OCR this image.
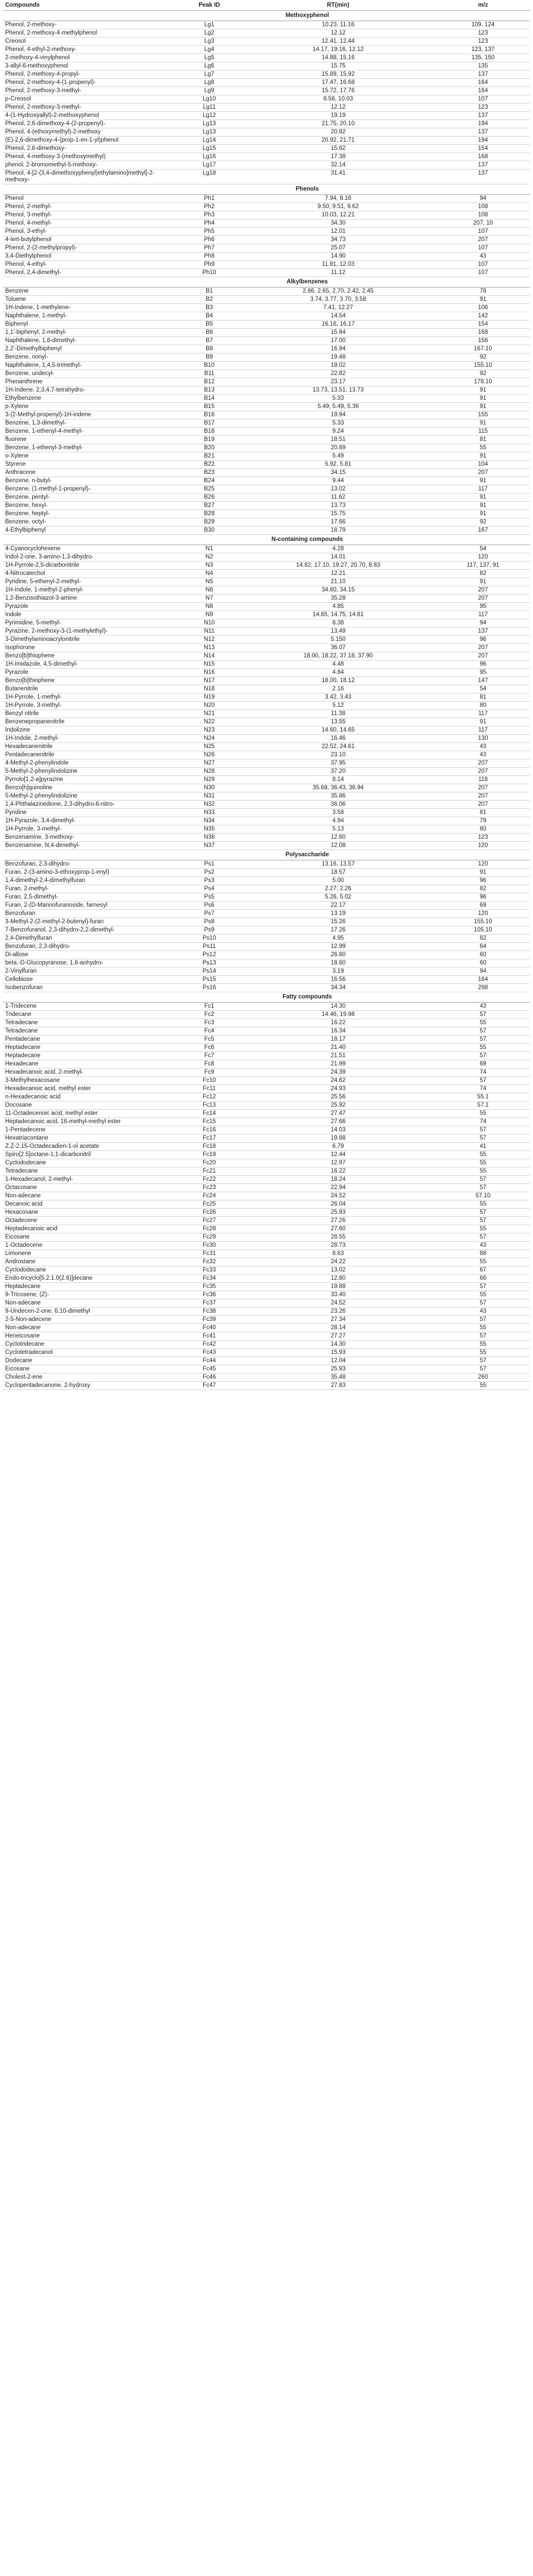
Compounds	Peak ID	RT(min)	m/z
	Methoxyphenol		
Phenol, 2-methoxy-	Lg1	10.23, 11.16	109, 124
Phenol, 2-methoxy-4-methylphenol	Lg2	12.12	123
Creosol	Lg3	12.41, 12.44	123
Phenol, 4-ethyl-2-methoxy-	Lg4	14.17, 19.16, 12.12	123, 137
2-methoxy-4-vinylphenol	Lg5	14.88, 15.16	135, 150
3-allyl-6-methoxyphenol	Lg6	15.75	135
Phenol, 2-methoxy-4-propyl-	Lg7	15.89, 15.92	137
Phenol, 2-methoxy-4-(1-propenyl)-	Lg8	17.47, 16.68	164
Phenol, 2-methoxy-3-methyl-	Lg9	15.72, 17.76	164
p-Creosol	Lg10	8.56, 10.03	107
Phenol, 2-methoxy-3-methyl-	Lg11	12.12	123
4-(1-Hydroxyallyl)-2-methoxyphenol	Lg12	19.19	137
Phenol, 2,6-dimethoxy-4-(2-propenyl)-	Lg13	21.75, 20.10	194
Phenol, 4-(ethoxymethyl)-2-methoxy	Lg13	20.92	137
(E)-2,6-dimethoxy-4-(prop-1-en-1-yl)phenol	Lg14	20.92, 21.71	194
Phenol, 2,6-dimethoxy-	Lg15	15.62	154
Phenol, 4-methoxy-3-(methoxymethyl)	Lg16	17.38	168
phenol, 2-bromomethyl-5-methoxy-	Lg17	32.14	137
Phenol, 4-[2-(3,4-dimethoxyphenyl)ethylamino]methyl]-2-methoxy-	Lg18	31.41	137
	Phenols		
Phenol	Ph1	7.94, 8.16	94
Phenol, 2-methyl-	Ph2	9.50, 9.51, 9.62	108
Phenol, 3-methyl-	Ph3	10.03, 12.21	108
Phenol, 4-methyl-	Ph4	34.30	207, 10
Phenol, 3-ethyl-	Ph5	12.01	107
4-tert-butylphenol	Ph6	34.73	207
Phenol, 2-(2-methylpropyl)-	Ph7	25.07	107
3,4-Diethylphenol	Ph8	14.90	43
Phenol, 4-ethyl-	Ph9	11.91, 12.03	107
Phenol, 2,4-dimethyl-	Ph10	11.12	107
	Alkylbenzenes		
Benzene	B1	2.86, 2.65, 2.70, 2.42, 2.45	78
Toluene	B2	3.74, 3.77, 3.70, 3.58	91
1H-Indene, 1-methylene-	B3	7.41, 12.27	106
Naphthalene, 1-methyl-	B4	14.54	142
Biphenyl	B5	16.16, 16.17	154
1,1'-biphenyl, 2-methyl-	B6	15.84	168
Naphthalene, 1,6-dimethyl-	B7	17.00	156
2,2'-Dimethylbiphenyl	B8	16.94	167.10
Benzene, nonyl-	B9	19.48	92
Naphthalene, 1,4,5-trimethyl-	B10	19.02	155.10
Benzene, undecyl-	B11	22.82	92
Phenanthrene	B12	23.17	178.10
1H-Indene, 2,3,4,7-tetrahydro-	B13	13.73, 13.51, 13.73	91
Ethylbenzene	B14	5.33	91
p-Xylene	B15	5.49, 5.49, 5.36	91
3-(2-Methyl-propenyl)-1H-indene	B16	19.94	155
Benzene, 1,3-dimethyl-	B17	5.33	91
Benzene, 1-ethenyl-4-methyl-	B18	9.24	115
fluorene	B19	18.51	81
Benzene, 1-ethenyl-3-methyl-	B20	20.89	55
o-Xylene	B21	5.49	91
Styrene	B22	5.92, 5.81	104
Anthracene	B23	34.15	207
Benzene, n-butyl-	B24	9.44	91
Benzene, (1-methyl-1-propenyl)-	B25	13.02	117
Benzene, pentyl-	B26	11.62	91
Benzene, hexyl-	B27	13.73	91
Benzene, heptyl-	B28	15.75	91
Benzene, octyl-	B29	17.66	92
4-Ethylbiphenyl	B30	18.79	167
	N-containing compounds		
4-Cyanocyclohexene	N1	4.28	54
Indol-2-one, 3-amino-1,3-dihydro-	N2	14.01	120
1H-Pyrrole-2,5-dicarbonitrile	N3	14.82, 17.10, 19.27, 20.70, 8.83	117, 137, 91
4-Nitrocatechol	N4	12.21	82
Pyridine, 5-ethenyl-2-methyl-	N5	21.10	91
1H-Indole, 1-methyl-2-phenyl-	N6	34.60, 34.15	207
1,2-Benzisothiazol-3-amine	N7	35.28	207
Pyrazole	N8	4.85	95
Indole	N9	14.65, 14.75, 14.81	117
Pyrimidine, 5-methyl-	N10	8.38	94
Pyrazine, 2-methoxy-3-(1-methylethyl)-	N11	13.49	137
3-Dimethylaminoacrylonitrile	N12	5.150	96
Isophorone	N13	36.07	207
Benzo[b]thiophene	N14	18.00, 18.22, 37.18, 37.90	207
1H-Imidazole, 4,5-dimethyl-	N15	4.48	96
Pyrazole	N16	4.84	95
Benzo[b]thiophene	N17	18.00, 18.12	147
Butanenitrile	N18	2.16	54
1H-Pyrrole, 1-methyl-	N19	3.42, 3.43	81
1H-Pyrrole, 3-methyl-	N20	5.12	80
Benzyl nitrile	N21	11.38	117
Benzenepropanenitrile	N22	13.55	91
Indolizine	N23	14.60, 14.65	117
1H-Indole, 2-methyl-	N24	16.46	130
Hexadecanenitrile	N25	22.52, 24.61	43
Pentadecanenitrile	N26	23.10	43
4-Methyl-2-phenylindole	N27	37.95	207
5-Methyl-2-phenylindolizine	N28	37.20	207
Pyrrolo[1,2-a]pyrazine	N29	8.14	118
Benzo[h]quinoline	N30	35.68, 36.43, 36.94	207
5-Methyl-2-phenylindolizine	N31	35.86	207
1,4-Phthalazinedione, 2,3-dihydro-6-nitro-	N32	36.06	207
Pyridine	N33	3.58	81
1H-Pyrazole, 3,4-dimethyl-	N34	4.94	79
1H-Pyrrole, 3-methyl-	N35	5.13	80
Benzenamine, 3-methoxy-	N36	12.60	123
Benzenamine, N,4-dimethyl-	N37	12.08	120
	Polysaccharide		
Benzofuran, 2,3-dihydro-	Ps1	13.16, 13.57	120
Furan, 2-(3-amino-3-ethoxyprop-1-enyl)	Ps2	18.57	91
1,4-dimethyl-2,4-dimethylfuran	Ps3	5.00	96
Furan, 2-methyl-	Ps4	2.27, 2.26	82
Furan, 2,5-dimethyl-	Ps5	5.26, 5.02	96
Furan, 2-(D-Mannofuranoside, farnesyl	Ps6	22.17	69
Benzofuran	Ps7	13.19	120
3-Methyl-2-(2-methyl-2-butenyl)-furan	Ps8	15.26	155.10
7-Benzofuranol, 2,3-dihydro-2,2-dimethyl-	Ps9	17.26	105.10
2,4-Dimethylfuran	Ps10	4.95	82
Benzofuran, 2,3-dihydro-	Ps11	12.99	64
Di-allose	Ps12	26.60	60
beta.-D-Glucopyranose, 1,6-anhydro-	Ps13	18.60	60
2-Vinylfuran	Ps14	3.19	94
Cellobiose	Ps15	16.56	164
Isobenzofuran	Ps16	34.34	298
	Fatty compounds		
1-Tridecene	Fc1	14.30	43
Tridecane	Fc2	14.46, 19.98	57
Tetradecane	Fc3	16.22	55
Tetradecane	Fc4	16.34	57
Pentadecane	Fc5	18.17	57
Heptadecane	Fc6	21.40	55
Heptadecane	Fc7	21.51	57
Hexadecane	Fc8	21.99	69
Hexadecanoic acid, 2-methyl-	Fc9	24.39	74
3-Methylhexacosane	Fc10	24.62	57
Hexadecanoic acid, methyl ester	Fc11	24.93	74
n-Hexadecanoic acid	Fc12	25.56	55.1
Docosane	Fc13	25.92	57.1
11-Octadecenoic acid, methyl ester	Fc14	27.47	55
Heptadecanoic acid, 16-methyl-methyl ester	Fc15	27.66	74
1-Pentadecene	Fc16	14.03	57
Hexatriacontane	Fc17	19.88	57
Z,Z-2,15-Octadecadien-1-ol acetate	Fc18	6.79	41
Spiro[2.5]octane-1,1-dicarbonitril	Fc19	12.44	55
Cyclododecane	Fc20	12.97	55
Tetradecane	Fc21	16.22	55
1-Hexadecanol, 2-methyl-	Fc22	18.24	57
Octacosane	Fc23	22.94	57
Non-adecane	Fc24	24.52	57.10
Decanoic acid	Fc25	26.04	55
Hexacosane	Fc26	25.93	57
Octadecene	Fc27	27.26	57
Heptadecanoic acid	Fc28	27.60	55
Eicosane	Fc29	28.55	57
1-Octadecene	Fc30	28.73	43
Limonene	Fc31	8.63	68
Androstane	Fc32	24.22	55
Cyclododecane	Fc33	13.02	67
Endo-tricyclo[5.2.1.0(2.6)]decane	Fc34	12.80	66
Heptadecane	Fc35	19.88	57
9-Tricosene, (Z)-	Fc36	33.40	55
Non-adecane	Fc37	24.52	57
9-Undecen-2-one, 6,10-dimethyl	Fc38	23.26	43
2-5-Non-adecene	Fc39	27.34	57
Non-adecane	Fc40	28.14	55
Heneicosane	Fc41	27.27	57
Cyclotridecane	Fc42	14.30	55
Cyclotetradecanol	Fc43	15.93	55
Dodecane	Fc44	12.04	57
Eicosane	Fc45	25.93	57
Cholest-2-ene	Fc46	35.48	260
Cyclopentadecanone, 2-hydroxy	Fc47	27.83	55
